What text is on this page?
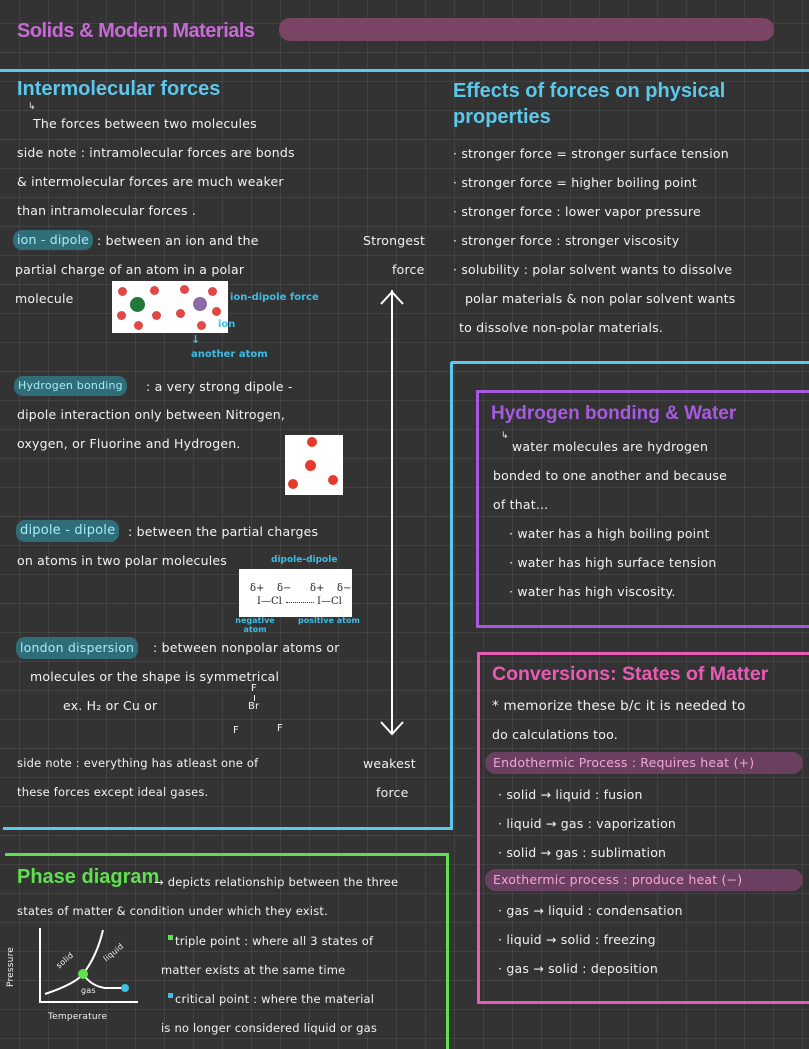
Solids & Modern Materials
Intermolecular forces
↳
The forces between two molecules
side note : intramolecular forces are bonds
& intermolecular forces are much weaker
than intramolecular forces .
ion - dipole : between an ion and the
partial charge of an atom in a polar
molecule	ion-dipole force
ion
↓
another atom
Hydrogen bonding	: a very strong dipole -
dipole interaction only between Nitrogen,
oxygen, or Fluorine and Hydrogen.
dipole - dipole	: between the partial charges
on atoms in two polar molecules	dipole-dipole
δ+ δ− δ+ δ−
I—Cl	I—Cl
negative atom
positive atom
london dispersion	: between nonpolar atoms or
molecules or the shape is symmetrical
ex. H₂ or Cu or
F
Br
F	F
side note : everything has atleast one of
these forces except ideal gases.
Strongest
force
weakest
force
Effects of forces on physical
properties
· stronger force = stronger surface tension
· stronger force = higher boiling point
· stronger force : lower vapor pressure
· stronger force : stronger viscosity
· solubility : polar solvent wants to dissolve
polar materials & non polar solvent wants
to dissolve non-polar materials.
Hydrogen bonding & Water
↳
water molecules are hydrogen
bonded to one another and because
of that...
· water has a high boiling point
· water has high surface tension
· water has high viscosity.
Conversions: States of Matter
* memorize these b/c it is needed to
do calculations too.
Endothermic Process : Requires heat (+)
· solid → liquid : fusion
· liquid → gas : vaporization
· solid → gas : sublimation
Exothermic process : produce heat (−)
· gas → liquid : condensation
· liquid → solid : freezing
· gas → solid : deposition
Phase diagram
→ depicts relationship between the three
states of matter & condition under which they exist.
Pressure
Temperature
solid	liquid
gas
triple point : where all 3 states of
matter exists at the same time
critical point : where the material
is no longer considered liquid or gas
